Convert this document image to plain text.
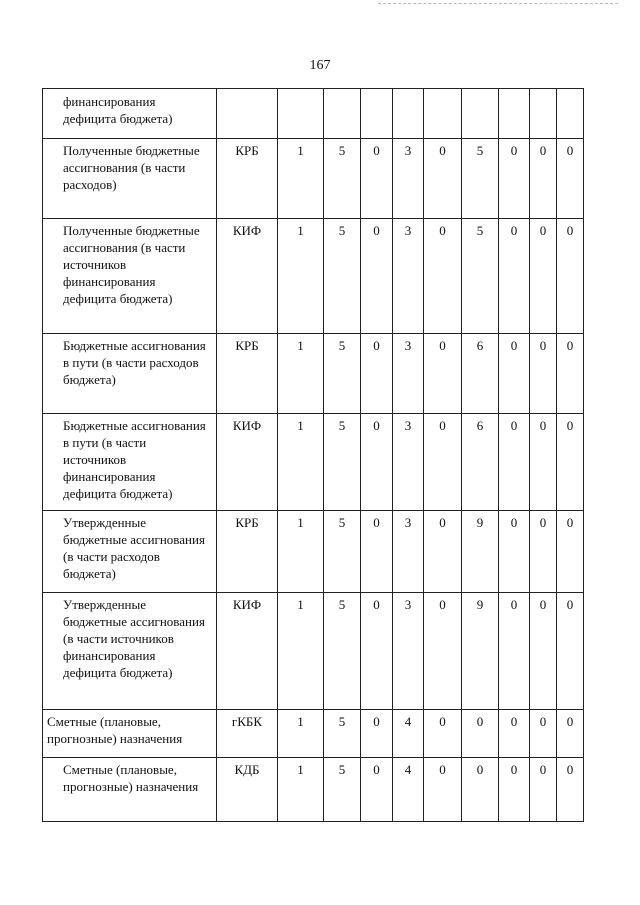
167
финансирования дефицита бюджета)	

Полученные бюджетные ассигнования (в части расходов)	КРБ	1	5	0	3	0	5	0	0	0

Полученные бюджетные ассигнования (в части источников финансирования дефицита бюджета)	КИФ	1	5	0	3	0	5	0	0	0

Бюджетные ассигнования в пути (в части расходов бюджета)	КРБ	1	5	0	3	0	6	0	0	0

Бюджетные ассигнования в пути (в части источников финансирования дефицита бюджета)	КИФ	1	5	0	3	0	6	0	0	0

Утвержденные бюджетные ассигнования (в части расходов бюджета)	КРБ	1	5	0	3	0	9	0	0	0

Утвержденные бюджетные ассигнования (в части источников финансирования дефицита бюджета)	КИФ	1	5	0	3	0	9	0	0	0

Сметные (плановые, прогнозные) назначения	гКБК	1	5	0	4	0	0	0	0	0

Сметные (плановые, прогнозные) назначения	КДБ	1	5	0	4	0	0	0	0	0
